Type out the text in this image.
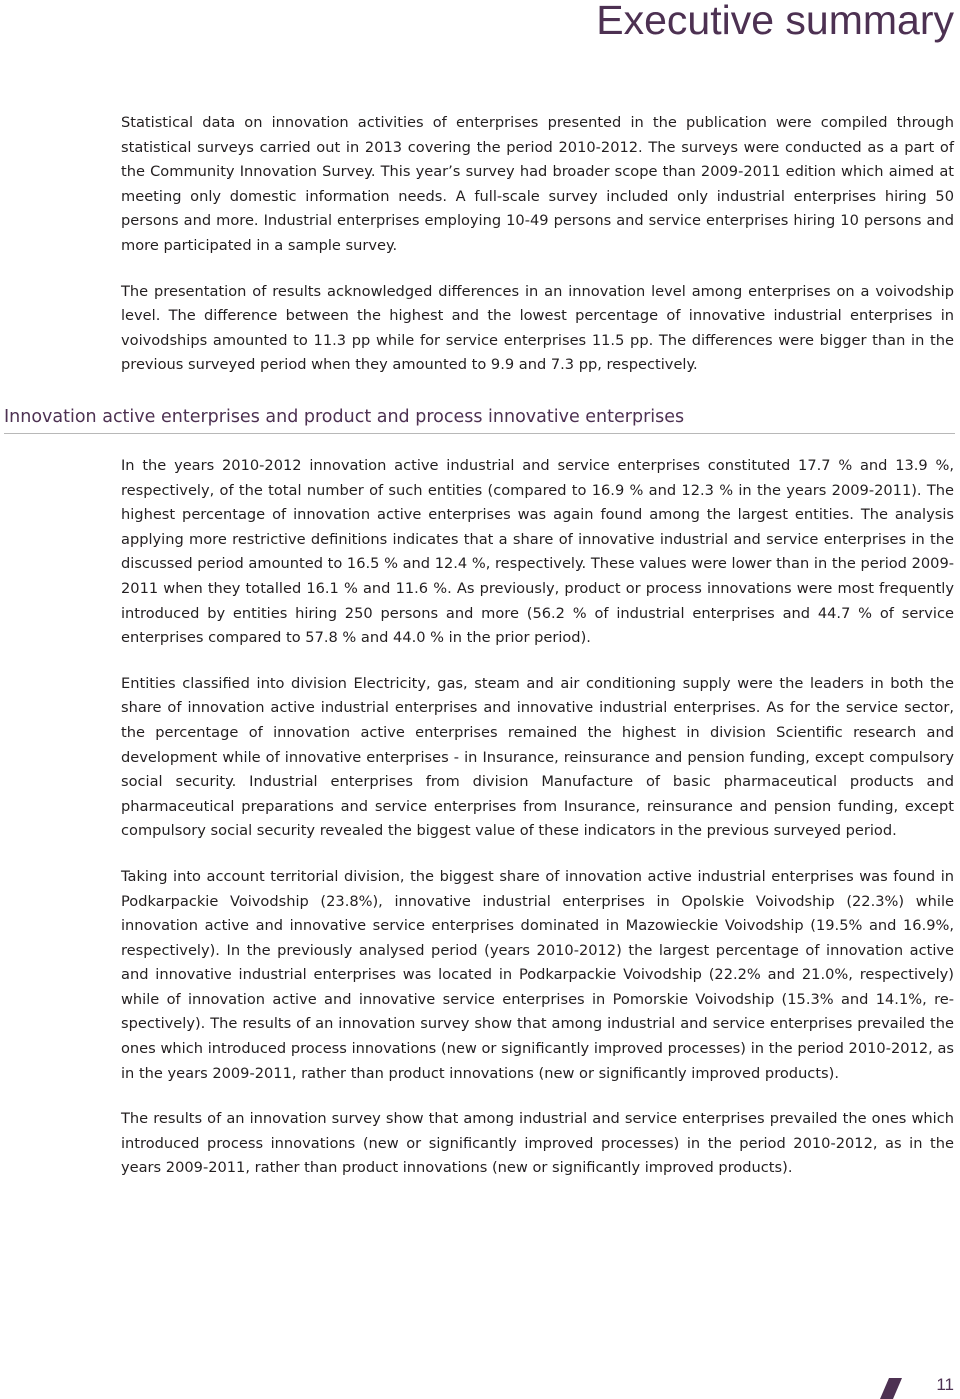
Executive summary

Statistical data on innovation activities of enterprises presented in the publication were compiled through statistical surveys carried out in 2013 covering the period 2010-2012. The surveys were conducted as a part of the Community Innovation Survey. This year’s survey had broader scope than 2009-2011 edition which aimed at meeting only domestic information needs. A full-scale survey included only industrial enterprises hiring 50 persons and more. Industrial enterprises employing 10-49 persons and service enterprises hiring 10 persons and more participated in a sample survey.

The presentation of results acknowledged differences in an innovation level among enterprises on a voivodship level. The difference between the highest and the lowest percentage of innovative industrial enterprises in voivodships amounted to 11.3 pp while for service enterprises 11.5 pp. The differences were bigger than in the previous surveyed period when they amounted to 9.9 and 7.3 pp, respectively.

Innovation active enterprises and product and process innovative enterprises

In the years 2010-2012 innovation active industrial and service enterprises constituted 17.7 % and 13.9 %, respectively, of the total number of such entities (compared to 16.9 % and 12.3 % in the years 2009-2011). The highest percentage of innovation active enterprises was again found among the largest entities. The analysis applying more restrictive definitions indicates that a share of innovative industrial and service enterprises in the discussed period amounted to 16.5 % and 12.4 %, respectively. These values were lower than in the period 2009-2011 when they totalled 16.1 % and 11.6 %. As previously, product or process innovations were most frequently introduced by entities hiring 250 persons and more (56.2 % of industrial enterprises and 44.7 % of service enterprises compared to 57.8 % and 44.0 % in the prior period).

Entities classified into division Electricity, gas, steam and air conditioning supply were the leaders in both the share of innovation active industrial enterprises and innovative industrial enterprises. As for the service sector, the percentage of innovation active enterprises remained the highest in division Scientific research and development while of innovative enterprises - in Insurance, reinsurance and pension funding, except compulsory social security. Industrial enterprises from division Manufacture of basic pharmaceutical products and pharmaceutical preparations and service enterprises from Insurance, reinsurance and pension funding, except compulsory social security revealed the biggest value of these indicators in the previous surveyed period.

Taking into account territorial division, the biggest share of innovation active industrial enterprises was found in Podkarpackie Voivodship (23.8%), innovative industrial enterprises in Opolskie Voivodship (22.3%) while innovation active and innovative service enterprises dominated in Mazowieckie Voivodship (19.5% and 16.9%, respectively). In the previously analysed period (years 2010-2012) the largest percentage of innovation active and innovative industrial enterprises was located in Podkarpackie Voivodship (22.2% and 21.0%, respectively) while of innovation active and innovative service enterprises in Pomorskie Voivodship (15.3% and 14.1%, re-spectively). The results of an innovation survey show that among industrial and service enterprises prevailed the ones which introduced process innovations (new or significantly improved processes) in the period 2010-2012, as in the years 2009-2011, rather than product innovations (new or significantly improved products).

The results of an innovation survey show that among industrial and service enterprises prevailed the ones which introduced process innovations (new or significantly improved processes) in the period 2010-2012, as in the years 2009-2011, rather than product innovations (new or significantly improved products).

11
